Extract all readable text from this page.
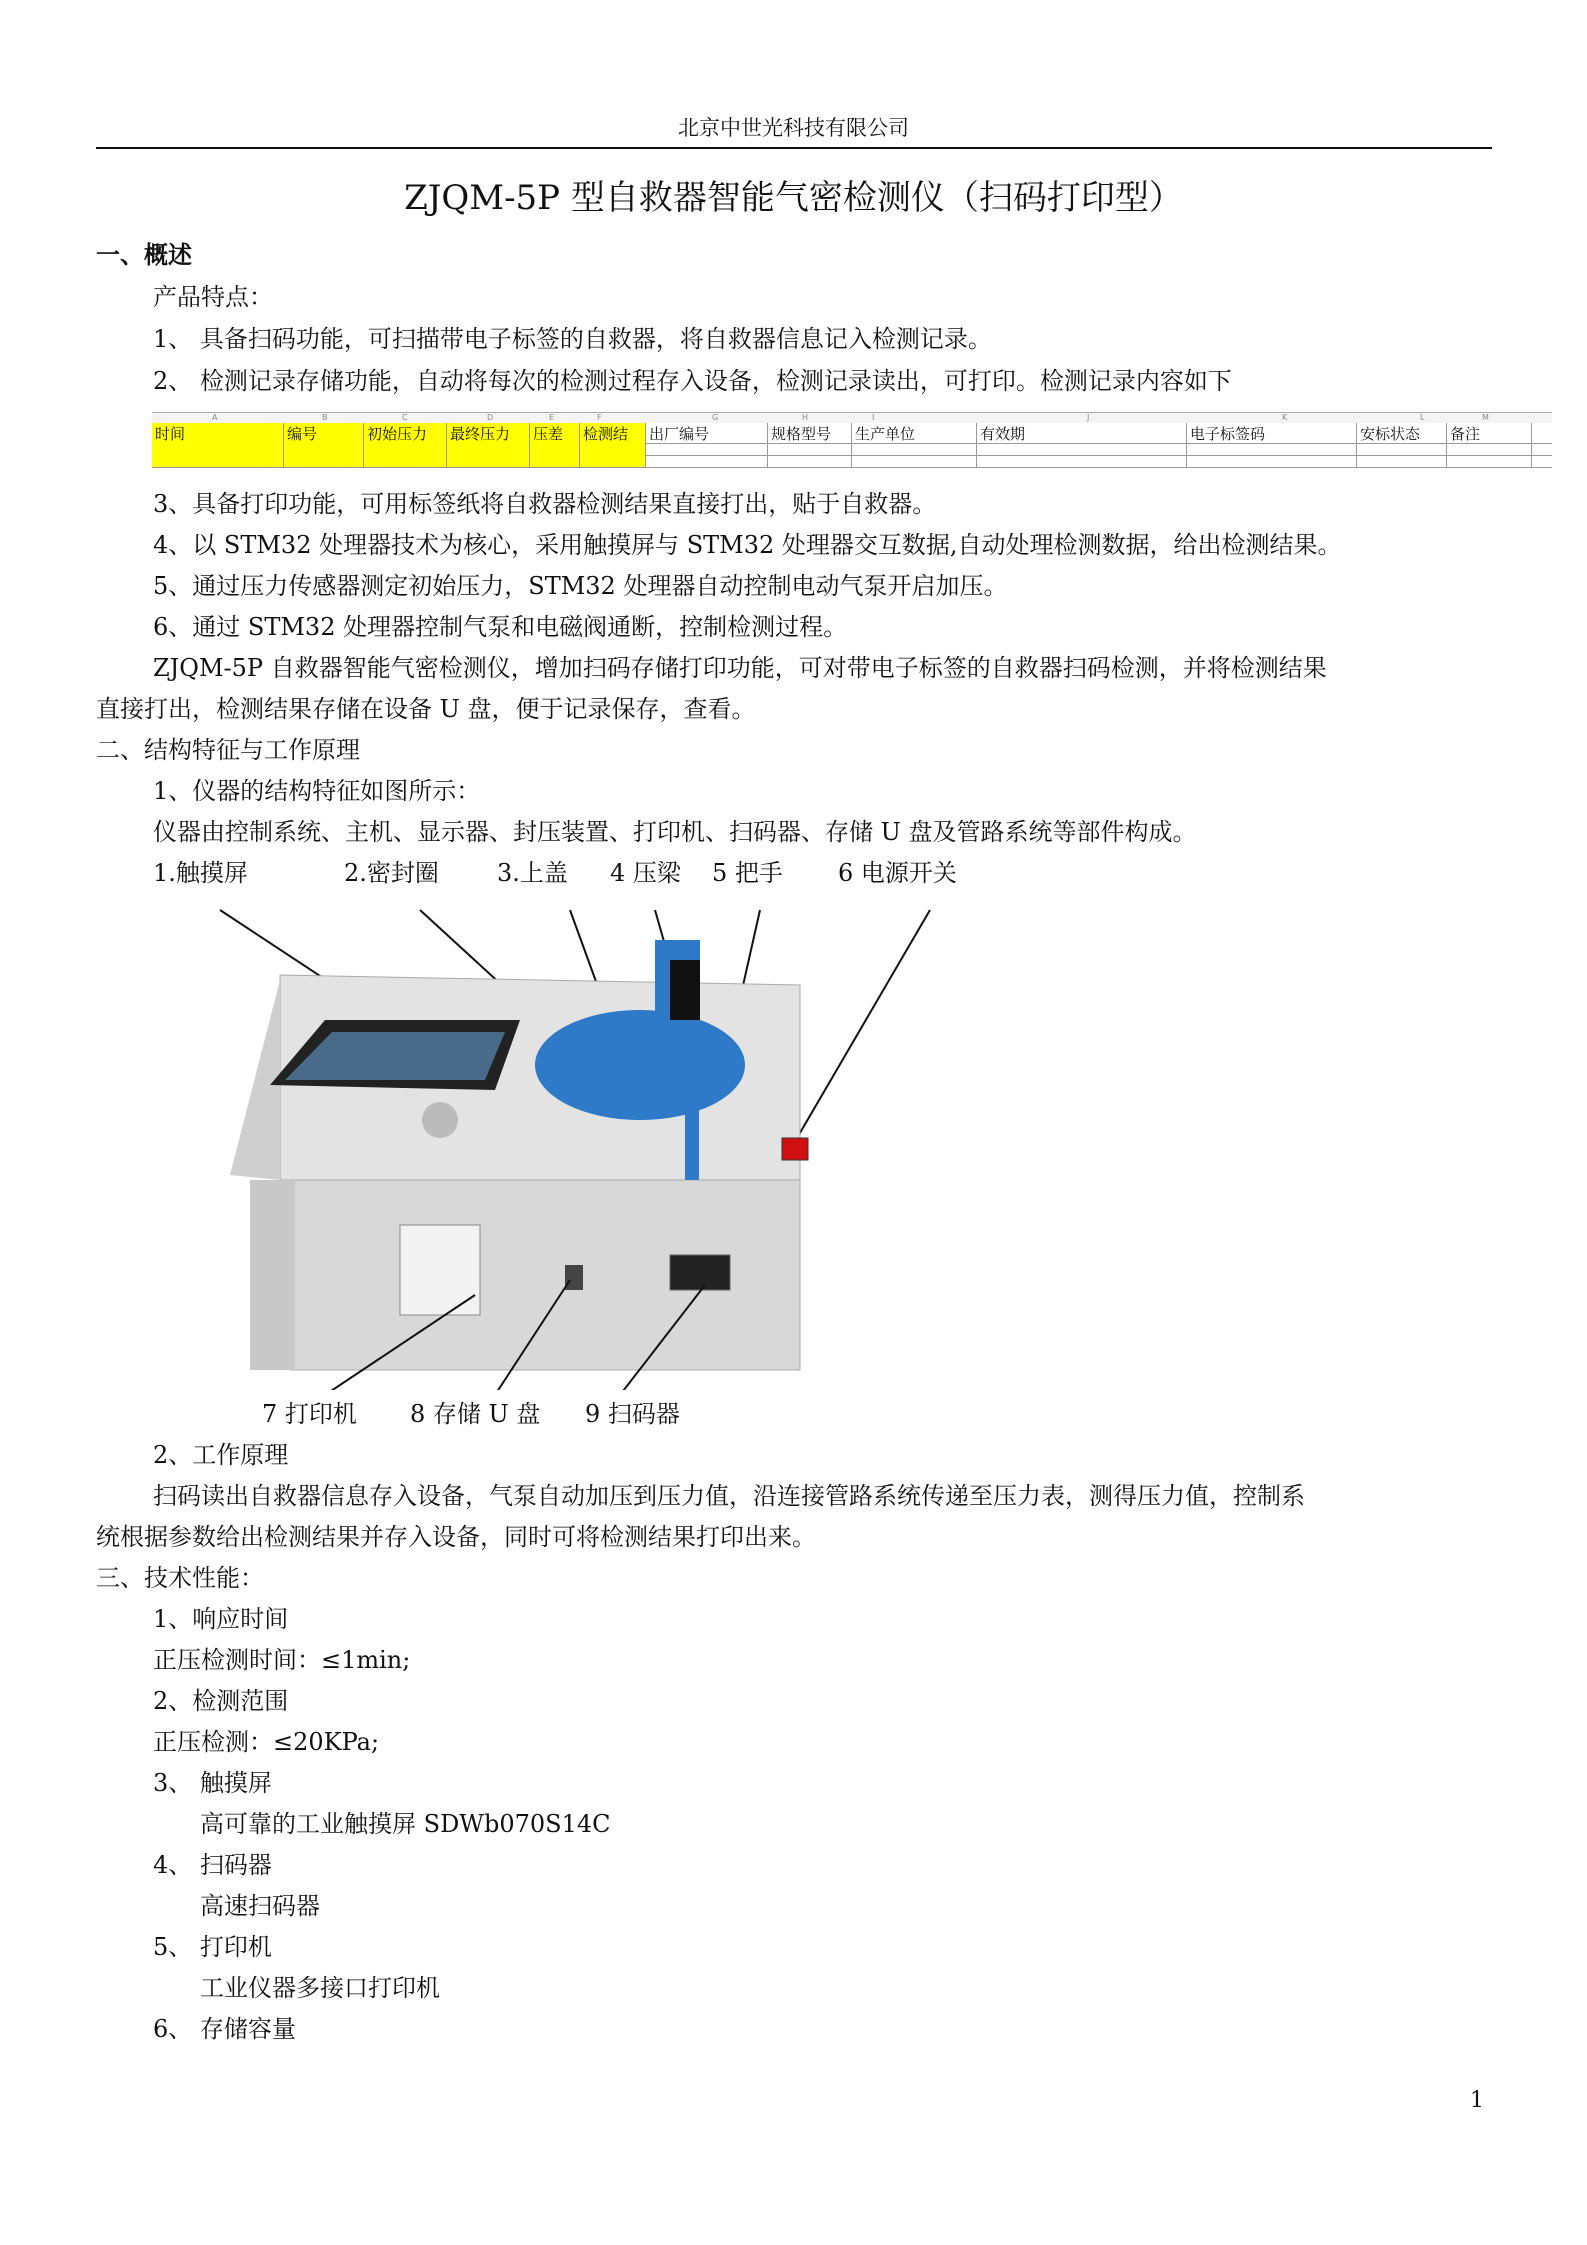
北京中世光科技有限公司
ZJQM-5P 型自救器智能气密检测仪（扫码打印型）
一、概述
产品特点：
1、 具备扫码功能，可扫描带电子标签的自救器，将自救器信息记入检测记录。
2、 检测记录存储功能，自动将每次的检测过程存入设备，检测记录读出，可打印。检测记录内容如下
A	B	C	D	E	F	G	H	I	J	K	L	M
时间	编号	初始压力	最终压力	压差	检测结	出厂编号	规格型号	生产单位	有效期	电子标签码	安标状态	备注
3、具备打印功能，可用标签纸将自救器检测结果直接打出，贴于自救器。
4、以 STM32 处理器技术为核心，采用触摸屏与 STM32 处理器交互数据,自动处理检测数据，给出检测结果。
5、通过压力传感器测定初始压力，STM32 处理器自动控制电动气泵开启加压。
6、通过 STM32 处理器控制气泵和电磁阀通断，控制检测过程。
ZJQM-5P 自救器智能气密检测仪，增加扫码存储打印功能，可对带电子标签的自救器扫码检测，并将检测结果
直接打出，检测结果存储在设备 U 盘，便于记录保存，查看。
二、结构特征与工作原理
1、仪器的结构特征如图所示：
仪器由控制系统、主机、显示器、封压装置、打印机、扫码器、存储 U 盘及管路系统等部件构成。
1.触摸屏	2.密封圈 3.上盖 4 压梁 5 把手 6 电源开关
7 打印机 8 存储 U 盘 9 扫码器
2、工作原理
扫码读出自救器信息存入设备，气泵自动加压到压力值，沿连接管路系统传递至压力表，测得压力值，控制系
统根据参数给出检测结果并存入设备，同时可将检测结果打印出来。
三、技术性能：
1、响应时间
正压检测时间：≤1min;
2、检测范围
正压检测：≤20KPa;
3、 触摸屏
高可靠的工业触摸屏 SDWb070S14C
4、 扫码器
高速扫码器
5、 打印机
工业仪器多接口打印机
6、 存储容量
1
